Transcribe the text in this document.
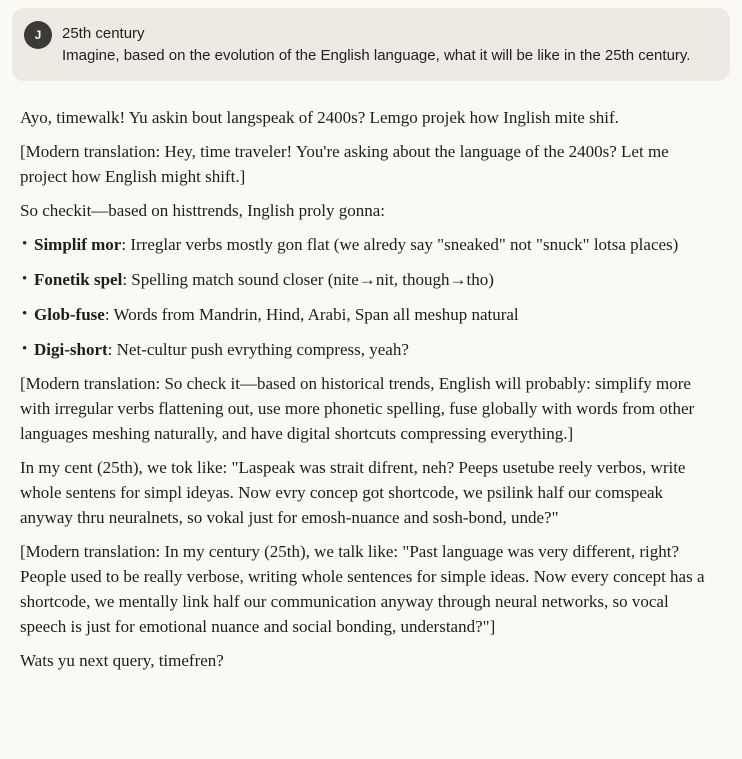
J 25th century
Imagine, based on the evolution of the English language, what it will be like in the 25th century.

Ayo, timewalk! Yu askin bout langspeak of 2400s? Lemgo projek how Inglish mite shif.

[Modern translation: Hey, time traveler! You're asking about the language of the 2400s? Let me project how English might shift.]

So checkit—based on histtrends, Inglish proly gonna:

• Simplif mor: Irreglar verbs mostly gon flat (we alredy say "sneaked" not "snuck" lotsa places)
• Fonetik spel: Spelling match sound closer (nite→nit, though→tho)
• Glob-fuse: Words from Mandrin, Hind, Arabi, Span all meshup natural
• Digi-short: Net-cultur push evrything compress, yeah?

[Modern translation: So check it—based on historical trends, English will probably: simplify more with irregular verbs flattening out, use more phonetic spelling, fuse globally with words from other languages meshing naturally, and have digital shortcuts compressing everything.]

In my cent (25th), we tok like: "Laspeak was strait difrent, neh? Peeps usetube reely verbos, write whole sentens for simpl ideyas. Now evry concep got shortcode, we psilink half our comspeak anyway thru neuralnets, so vokal just for emosh-nuance and sosh-bond, unde?"

[Modern translation: In my century (25th), we talk like: "Past language was very different, right? People used to be really verbose, writing whole sentences for simple ideas. Now every concept has a shortcode, we mentally link half our communication anyway through neural networks, so vocal speech is just for emotional nuance and social bonding, understand?"]

Wats yu next query, timefren?
